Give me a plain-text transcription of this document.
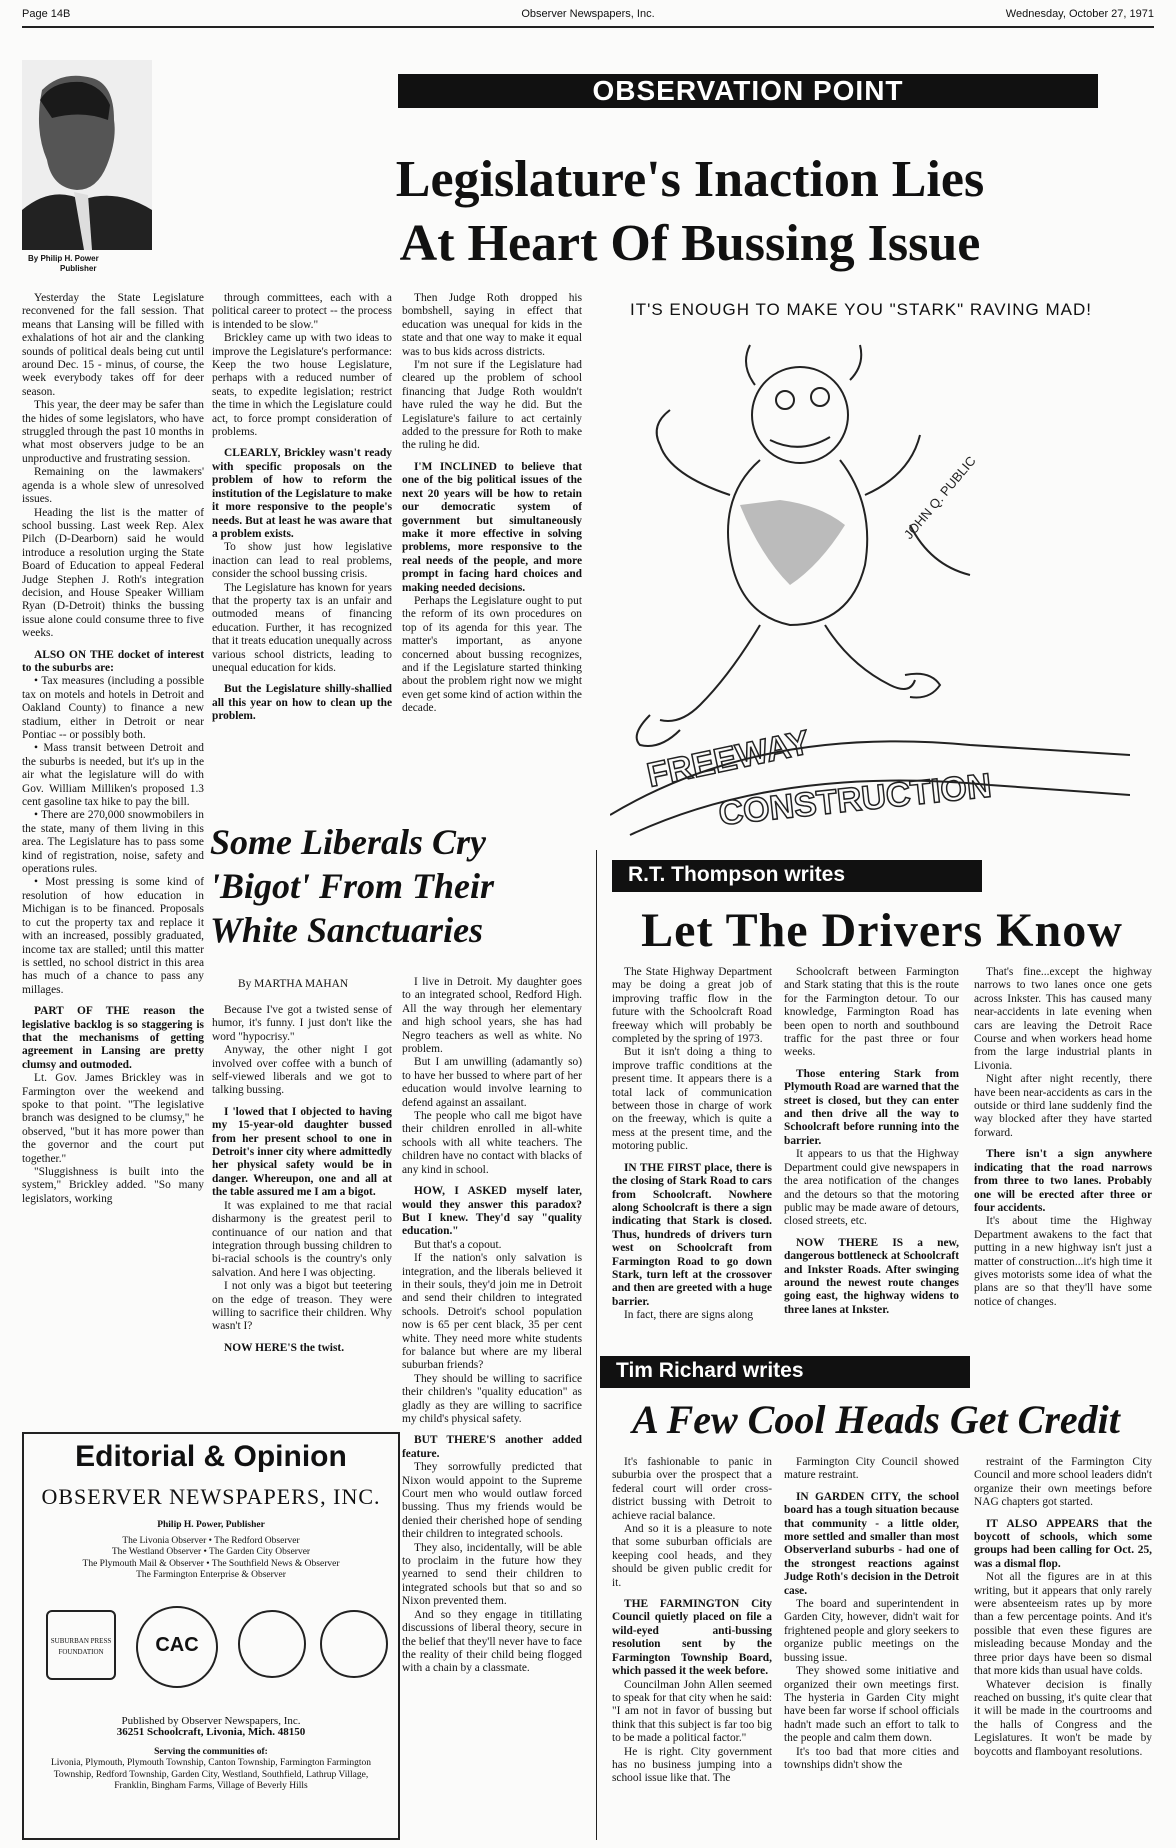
Page 14B	Observer Newspapers, Inc.	Wednesday, October 27, 1971
OBSERVATION POINT
By Philip H. Power
Publisher
Legislature's Inaction Lies
At Heart Of Bussing Issue

Yesterday the State Legislature reconvened for the fall session. That means that Lansing will be filled with exhalations of hot air and the clanking sounds of political deals being cut until around Dec. 15 - minus, of course, the week everybody takes off for deer season.

This year, the deer may be safer than the hides of some legislators, who have struggled through the past 10 months in what most observers judge to be an unproductive and frustrating session.

Remaining on the lawmakers' agenda is a whole slew of unresolved issues.

Heading the list is the matter of school bussing. Last week Rep. Alex Pilch (D-Dearborn) said he would introduce a resolution urging the State Board of Education to appeal Federal Judge Stephen J. Roth's integration decision, and House Speaker William Ryan (D-Detroit) thinks the bussing issue alone could consume three to five weeks.

ALSO ON THE docket of interest to the suburbs are:

• Tax measures (including a possible tax on motels and hotels in Detroit and Oakland County) to finance a new stadium, either in Detroit or near Pontiac -- or possibly both.

• Mass transit between Detroit and the suburbs is needed, but it's up in the air what the legislature will do with Gov. William Milliken's proposed 1.3 cent gasoline tax hike to pay the bill.

• There are 270,000 snowmobilers in the state, many of them living in this area. The Legislature has to pass some kind of registration, noise, safety and operations rules.

• Most pressing is some kind of resolution of how education in Michigan is to be financed. Proposals to cut the property tax and replace it with an increased, possibly graduated, income tax are stalled; until this matter is settled, no school district in this area has much of a chance to pass any millages.

PART OF THE reason the legislative backlog is so staggering is that the mechanisms of getting agreement in Lansing are pretty clumsy and outmoded.

Lt. Gov. James Brickley was in Farmington over the weekend and spoke to that point. "The legislative branch was designed to be clumsy," he observed, "but it has more power than the governor and the court put together."

"Sluggishness is built into the system," Brickley added. "So many legislators, working

through committees, each with a political career to protect -- the process is intended to be slow."

Brickley came up with two ideas to improve the Legislature's performance: Keep the two house Legislature, perhaps with a reduced number of seats, to expedite legislation; restrict the time in which the Legislature could act, to force prompt consideration of problems.

CLEARLY, Brickley wasn't ready with specific proposals on the problem of how to reform the institution of the Legislature to make it more responsive to the people's needs. But at least he was aware that a problem exists.

To show just how legislative inaction can lead to real problems, consider the school bussing crisis.

The Legislature has known for years that the property tax is an unfair and outmoded means of financing education. Further, it has recognized that it treats education unequally across various school districts, leading to unequal education for kids.

But the Legislature shilly-shallied all this year on how to clean up the problem.

Then Judge Roth dropped his bombshell, saying in effect that education was unequal for kids in the state and that one way to make it equal was to bus kids across districts.

I'm not sure if the Legislature had cleared up the problem of school financing that Judge Roth wouldn't have ruled the way he did. But the Legislature's failure to act certainly added to the pressure for Roth to make the ruling he did.

I'M INCLINED to believe that one of the big political issues of the next 20 years will be how to retain our democratic system of government but simultaneously make it more effective in solving problems, more responsive to the real needs of the people, and more prompt in facing hard choices and making needed decisions.

Perhaps the Legislature ought to put the reform of its own procedures on top of its agenda for this year. The matter's important, as anyone concerned about bussing recognizes, and if the Legislature started thinking about the problem right now we might even get some kind of action within the decade.

IT'S ENOUGH TO MAKE YOU "STARK" RAVING MAD!
JOHN Q. PUBLIC
FREEWAY
CONSTRUCTION
Some Liberals Cry
'Bigot' From Their
White Sanctuaries
By MARTHA MAHAN

Because I've got a twisted sense of humor, it's funny. I just don't like the word "hypocrisy."

Anyway, the other night I got involved over coffee with a bunch of self-viewed liberals and we got to talking bussing.

I 'lowed that I objected to having my 15-year-old daughter bussed from her present school to one in Detroit's inner city where admittedly her physical safety would be in danger. Whereupon, one and all at the table assured me I am a bigot.

It was explained to me that racial disharmony is the greatest peril to continuance of our nation and that integration through bussing children to bi-racial schools is the country's only salvation. And here I was objecting.

I not only was a bigot but teetering on the edge of treason. They were willing to sacrifice their children. Why wasn't I?

NOW HERE'S the twist.

I live in Detroit. My daughter goes to an integrated school, Redford High. All the way through her elementary and high school years, she has had Negro teachers as well as white. No problem.

But I am unwilling (adamantly so) to have her bussed to where part of her education would involve learning to defend against an assailant.

The people who call me bigot have their children enrolled in all-white schools with all white teachers. The children have no contact with blacks of any kind in school.

HOW, I ASKED myself later, would they answer this paradox? But I knew. They'd say "quality education."

But that's a copout.

If the nation's only salvation is integration, and the liberals believed it in their souls, they'd join me in Detroit and send their children to integrated schools. Detroit's school population now is 65 per cent black, 35 per cent white. They need more white students for balance but where are my liberal suburban friends?

They should be willing to sacrifice their children's "quality education" as gladly as they are willing to sacrifice my child's physical safety.

BUT THERE'S another added feature.

They sorrowfully predicted that Nixon would appoint to the Supreme Court men who would outlaw forced bussing. Thus my friends would be denied their cherished hope of sending their children to integrated schools.

They also, incidentally, will be able to proclaim in the future how they yearned to send their children to integrated schools but that so and so Nixon prevented them.

And so they engage in titillating discussions of liberal theory, secure in the belief that they'll never have to face the reality of their child being flogged with a chain by a classmate.

R.T. Thompson writes
Let The Drivers Know

The State Highway Department may be doing a great job of improving traffic flow in the future with the Schoolcraft Road freeway which will probably be completed by the spring of 1973.

But it isn't doing a thing to improve traffic conditions at the present time. It appears there is a total lack of communication between those in charge of work on the freeway, which is quite a mess at the present time, and the motoring public.

IN THE FIRST place, there is the closing of Stark Road to cars from Schoolcraft. Nowhere along Schoolcraft is there a sign indicating that Stark is closed. Thus, hundreds of drivers turn west on Schoolcraft from Farmington Road to go down Stark, turn left at the crossover and then are greeted with a huge barrier.

In fact, there are signs along

Schoolcraft between Farmington and Stark stating that this is the route for the Farmington detour. To our knowledge, Farmington Road has been open to north and southbound traffic for the past three or four weeks.

Those entering Stark from Plymouth Road are warned that the street is closed, but they can enter and then drive all the way to Schoolcraft before running into the barrier.

It appears to us that the Highway Department could give newspapers in the area notification of the changes and the detours so that the motoring public may be made aware of detours, closed streets, etc.

NOW THERE IS a new, dangerous bottleneck at Schoolcraft and Inkster Roads. After swinging around the newest route changes going east, the highway widens to three lanes at Inkster.

That's fine...except the highway narrows to two lanes once one gets across Inkster. This has caused many near-accidents in late evening when cars are leaving the Detroit Race Course and when workers head home from the large industrial plants in Livonia.

Night after night recently, there have been near-accidents as cars in the outside or third lane suddenly find the way blocked after they have started forward.

There isn't a sign anywhere indicating that the road narrows from three to two lanes. Probably one will be erected after three or four accidents.

It's about time the Highway Department awakens to the fact that putting in a new highway isn't just a matter of construction...it's high time it gives motorists some idea of what the plans are so that they'll have some notice of changes.

Tim Richard writes
A Few Cool Heads Get Credit

It's fashionable to panic in suburbia over the prospect that a federal court will order cross-district bussing with Detroit to achieve racial balance.

And so it is a pleasure to note that some suburban officials are keeping cool heads, and they should be given public credit for it.

THE FARMINGTON City Council quietly placed on file a wild-eyed anti-bussing resolution sent by the Farmington Township Board, which passed it the week before.

Councilman John Allen seemed to speak for that city when he said: "I am not in favor of bussing but think that this subject is far too big to be made a political factor."

He is right. City government has no business jumping into a school issue like that. The

Farmington City Council showed mature restraint.

IN GARDEN CITY, the school board has a tough situation because that community - a little older, more settled and smaller than most Observerland suburbs - had one of the strongest reactions against Judge Roth's decision in the Detroit case.

The board and superintendent in Garden City, however, didn't wait for frightened people and glory seekers to organize public meetings on the bussing issue.

They showed some initiative and organized their own meetings first. The hysteria in Garden City might have been far worse if school officials hadn't made such an effort to talk to the people and calm them down.

It's too bad that more cities and townships didn't show the

restraint of the Farmington City Council and more school leaders didn't organize their own meetings before NAG chapters got started.

IT ALSO APPEARS that the boycott of schools, which some groups had been calling for Oct. 25, was a dismal flop.

Not all the figures are in at this writing, but it appears that only rarely were absenteeism rates up by more than a few percentage points. And it's possible that even these figures are misleading because Monday and the three prior days have been so dismal that more kids than usual have colds.

Whatever decision is finally reached on bussing, it's quite clear that it will be made in the courtrooms and the halls of Congress and the Legislatures. It won't be made by boycotts and flamboyant resolutions.

Editorial & Opinion
OBSERVER NEWSPAPERS, INC.
Philip H. Power, Publisher
The Livonia Observer • The Redford Observer
The Westland Observer • The Garden City Observer
The Plymouth Mail & Observer • The Southfield News & Observer
The Farmington Enterprise & Observer
SUBURBAN PRESS FOUNDATION	CAC
Published by Observer Newspapers, Inc.
36251 Schoolcraft, Livonia, Mich. 48150
Serving the communities of:
Livonia, Plymouth, Plymouth Township, Canton Township, Farmington Farmington Township, Redford Township, Garden City, Westland, Southfield, Lathrup Village, Franklin, Bingham Farms, Village of Beverly Hills
